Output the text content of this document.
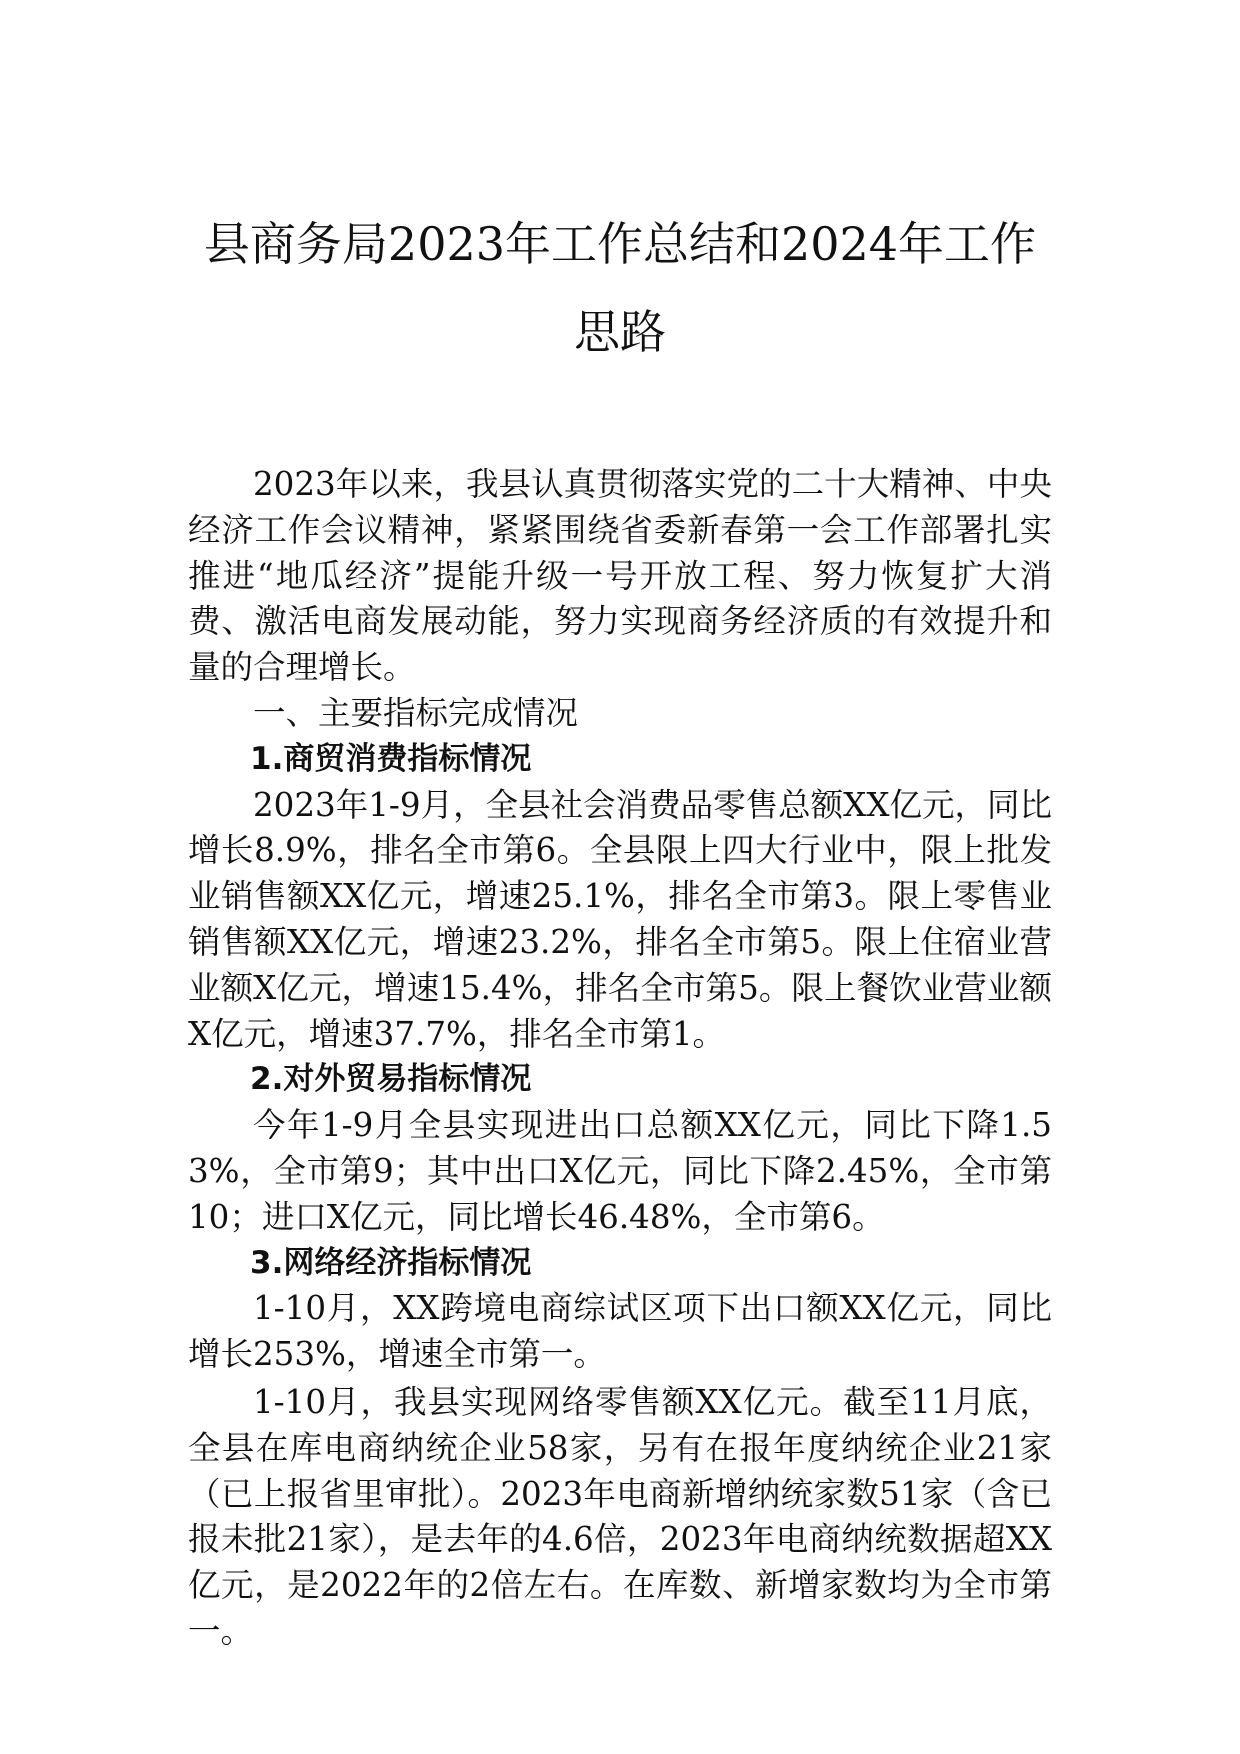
县商务局2023年工作总结和2024年工作思路

2023年以来，我县认真贯彻落实党的二十大精神、中央经济工作会议精神，紧紧围绕省委新春第一会工作部署扎实推进“地瓜经济”提能升级一号开放工程、努力恢复扩大消费、激活电商发展动能，努力实现商务经济质的有效提升和量的合理增长。

一、主要指标完成情况

1.商贸消费指标情况

2023年1-9月，全县社会消费品零售总额XX亿元，同比增长8.9%，排名全市第6。全县限上四大行业中，限上批发业销售额XX亿元，增速25.1%，排名全市第3。限上零售业销售额XX亿元，增速23.2%，排名全市第5。限上住宿业营业额X亿元，增速15.4%，排名全市第5。限上餐饮业营业额X亿元，增速37.7%，排名全市第1。

2.对外贸易指标情况

今年1-9月全县实现进出口总额XX亿元，同比下降1.53%，全市第9；其中出口X亿元，同比下降2.45%，全市第10；进口X亿元，同比增长46.48%，全市第6。

3.网络经济指标情况

1-10月，XX跨境电商综试区项下出口额XX亿元，同比增长253%，增速全市第一。

1-10月，我县实现网络零售额XX亿元。截至11月底，全县在库电商纳统企业58家，另有在报年度纳统企业21家（已上报省里审批）。2023年电商新增纳统家数51家（含已报未批21家），是去年的4.6倍，2023年电商纳统数据超XX亿元，是2022年的2倍左右。在库数、新增家数均为全市第一。
